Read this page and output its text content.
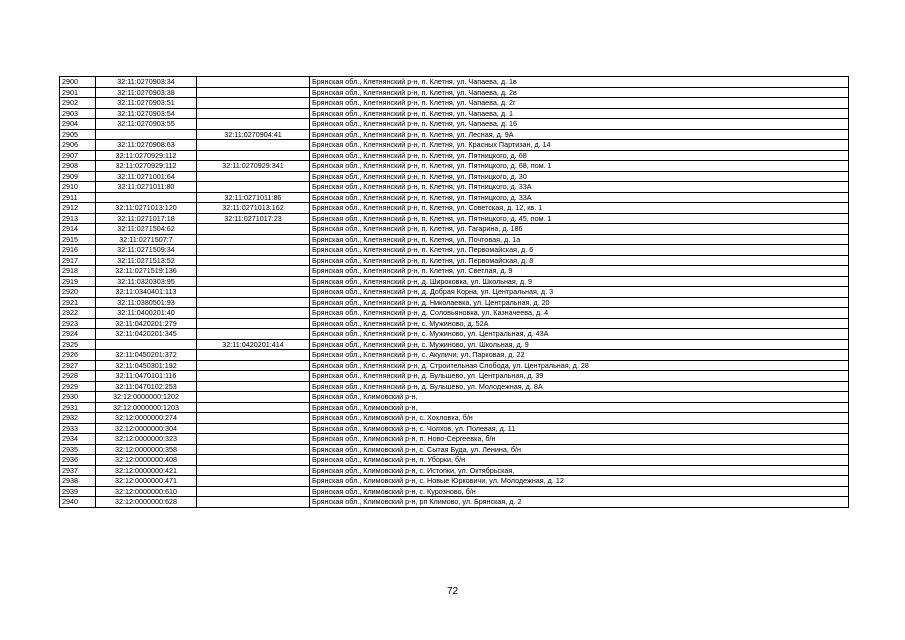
2900	32:11:0270903:34		Брянская обл., Клетнянский р-н, п. Клетня, ул. Чапаева, д. 1в
2901	32:11:0270903:38		Брянская обл., Клетнянский р-н, п. Клетня, ул. Чапаева, д. 2в
2902	32:11:0270903:51		Брянская обл., Клетнянский р-н, п. Клетня, ул. Чапаева, д. 2г
2903	32:11:0270903:54		Брянская обл., Клетнянский р-н, п. Клетня, ул. Чапаева, д. 1
2904	32:11:0270903:55		Брянская обл., Клетнянский р-н, п. Клетня, ул. Чапаева, д. 16
2905		32:11:0270904:41	Брянская обл., Клетнянский р-н, п. Клетня, ул. Лесная, д. 9А
2906	32:11:0270908:63		Брянская обл., Клетнянский р-н, п. Клетня, ул. Красных Партизан, д. 14
2907	32:11:0270929:112		Брянская обл., Клетнянский р-н, п. Клетня, ул. Пятницкого, д. 68
2908	32:11:0270929:112	32:11:0270929:341	Брянская обл., Клетнянский р-н, п. Клетня, ул. Пятницкого, д. 68, пом. 1
2909	32:11:0271001:64		Брянская обл., Клетнянский р-н, п. Клетня, ул. Пятницкого, д. 30
2910	32:11:0271011:80		Брянская обл., Клетнянский р-н, п. Клетня, ул. Пятницкого, д. 33А
2911		32:11:0271011:86	Брянская обл., Клетнянский р-н, п. Клетня, ул. Пятницкого, д. 33А
2912	32:11:0271013:120	32:11:0271013:162	Брянская обл., Клетнянский р-н, п. Клетня, ул. Советская, д. 12, кв. 1
2913	32:11:0271017:18	32:11:0271017:23	Брянская обл., Клетнянский р-н, п. Клетня, ул. Пятницкого, д. 45, пом. 1
2914	32:11:0271504:62		Брянская обл., Клетнянский р-н, п. Клетня, ул. Гагарина, д. 186
2915	32:11:0271507:7		Брянская обл., Клетнянский р-н, п. Клетня, ул. Почтовая, д. 1а
2916	32:11:0271509:34		Брянская обл., Клетнянский р-н, п. Клетня, ул. Первомайская, д. 6
2917	32:11:0271513:52		Брянская обл., Клетнянский р-н, п. Клетня, ул. Первомайская, д. 8
2918	32:11:0271519:136		Брянская обл., Клетнянский р-н, п. Клетня, ул. Светлая, д. 9
2919	32:11:0320303:95		Брянская обл., Клетнянский р-н, д. Широковка, ул. Школьная, д. 9
2920	32:11:0340401:113		Брянская обл., Клетнянский р-н, д. Добрая Корна, ул. Центральная, д. 3
2921	32:11:0380501:93		Брянская обл., Клетнянский р-н, д. Николаевка, ул. Центральная, д. 20
2922	32:11:0400201:40		Брянская обл., Клетнянский р-н, д. Соловьяновка, ул. Казначеева, д. 4
2923	32:11:0420201:279		Брянская обл., Клетнянский р-н, с. Мужиново, д. 52А
2924	32:11:0420201:345		Брянская обл., Клетнянский р-н, с. Мужиново, ул. Центральная, д. 43А
2925		32:11:0420201:414	Брянская обл., Клетнянский р-н, с. Мужиново, ул. Школьная, д. 9
2926	32:11:0450201:372		Брянская обл., Клетнянский р-н, с. Акуличи, ул. Парковая, д. 22
2927	32:11:0450301:192		Брянская обл., Клетнянский р-н, д. Строительная Слобода, ул. Центральная, д. 28
2928	32:11:0470101:116		Брянская обл., Клетнянский р-н, д. Бульшево, ул. Центральная, д. 39
2929	32:11:0470102:253		Брянская обл., Клетнянский р-н, д. Бульшево, ул. Молодежная, д. 8А
2930	32:12:0000000:1202		Брянская обл., Климовский р-н,
2931	32:12:0000000:1203		Брянская обл., Климовский р-н,
2932	32:12:0000000:274		Брянская обл., Климовский р-н, с. Хохловка, б/н
2933	32:12:0000000:304		Брянская обл., Климовский р-н, с. Чолхов, ул. Полевая, д. 11
2934	32:12:0000000:323		Брянская обл., Климовский р-н, п. Ново-Сергеевка, б/н
2935	32:12:0000000:358		Брянская обл., Климовский р-н, с. Сытая Буда, ул. Ленина, б/н
2936	32:12:0000000:408		Брянская обл., Климовский р-н, п. Уборки, б/н
2937	32:12:0000000:421		Брянская обл., Климовский р-н, с. Истопки, ул. Октябрьская,
2938	32:12:0000000:471		Брянская обл., Климовский р-н, с. Новые Юрковичи, ул. Молодежная, д. 12
2939	32:12:0000000:610		Брянская обл., Климовский р-н, с. Курозново, б/н
2940	32:12:0000000:628		Брянская обл., Климовский р-н, рп Климово, ул. Брянская, д. 2
72
